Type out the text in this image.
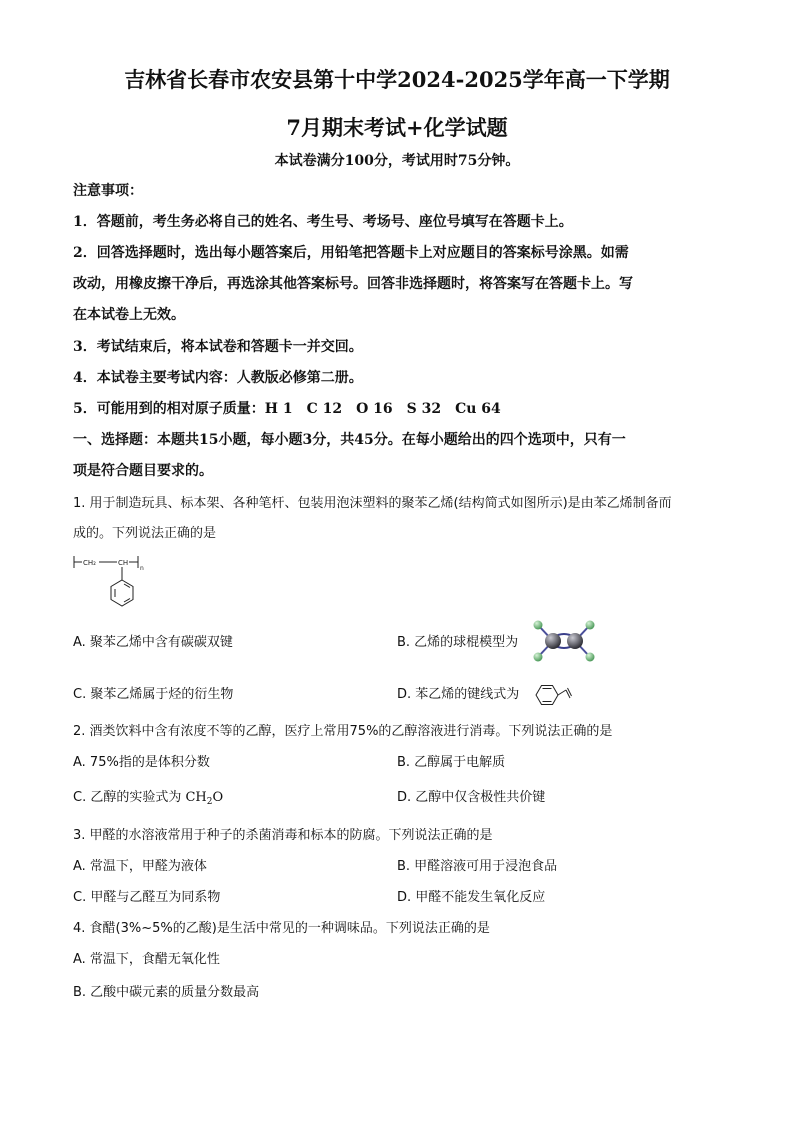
吉林省长春市农安县第十中学2024-2025学年高一下学期
7月期末考试+化学试题
本试卷满分100分，考试用时75分钟。
注意事项：
1．答题前，考生务必将自己的姓名、考生号、考场号、座位号填写在答题卡上。
2．回答选择题时，选出每小题答案后，用铅笔把答题卡上对应题目的答案标号涂黑。如需
改动，用橡皮擦干净后，再选涂其他答案标号。回答非选择题时，将答案写在答题卡上。写
在本试卷上无效。
3．考试结束后，将本试卷和答题卡一并交回。
4．本试卷主要考试内容：人教版必修第二册。
5．可能用到的相对原子质量：H 1　C 12　O 16　S 32　Cu 64
一、选择题：本题共15小题，每小题3分，共45分。在每小题给出的四个选项中，只有一
项是符合题目要求的。
1. 用于制造玩具、标本架、各种笔杆、包装用泡沫塑料的聚苯乙烯(结构简式如图所示)是由苯乙烯制备而
成的。下列说法正确的是
CH₂	CH
n
A. 聚苯乙烯中含有碳碳双键	B. 乙烯的球棍模型为
C. 聚苯乙烯属于烃的衍生物	D. 苯乙烯的键线式为
2. 酒类饮料中含有浓度不等的乙醇，医疗上常用75%的乙醇溶液进行消毒。下列说法正确的是
A. 75%指的是体积分数	B. 乙醇属于电解质
C. 乙醇的实验式为 $CH_2O$	D. 乙醇中仅含极性共价键
3. 甲醛的水溶液常用于种子的杀菌消毒和标本的防腐。下列说法正确的是
A. 常温下，甲醛为液体	B. 甲醛溶液可用于浸泡食品
C. 甲醛与乙醛互为同系物	D. 甲醛不能发生氧化反应
4. 食醋(3%~5%的乙酸)是生活中常见的一种调味品。下列说法正确的是
A. 常温下，食醋无氧化性
B. 乙酸中碳元素的质量分数最高
